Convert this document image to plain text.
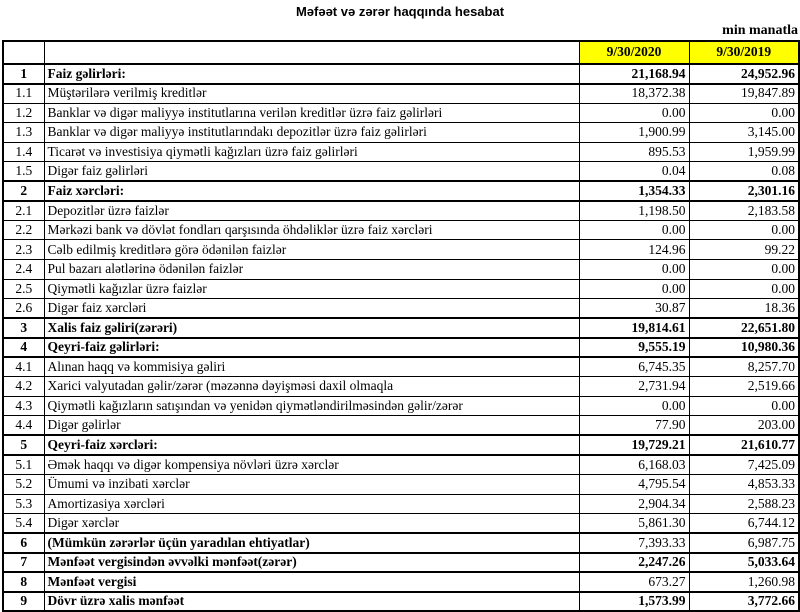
Məfəət və zərər haqqında hesabat
min manatla
		9/30/2020	9/30/2019
1	Faiz gəlirləri:	21,168.94	24,952.96
1.1	Müştərilərə verilmiş kreditlər	18,372.38	19,847.89
1.2	Banklar və digər maliyyə institutlarına verilən kreditlər üzrə faiz gəlirləri	0.00	0.00
1.3	Banklar və digər maliyyə institutlarındakı depozitlər üzrə faiz gəlirləri	1,900.99	3,145.00
1.4	Ticarət və investisiya qiymətli kağızları üzrə faiz gəlirləri	895.53	1,959.99
1.5	Digər faiz gəlirləri	0.04	0.08
2	Faiz xərcləri:	1,354.33	2,301.16
2.1	Depozitlər üzrə faizlər	1,198.50	2,183.58
2.2	Mərkəzi bank və dövlət fondları qarşısında öhdəliklər üzrə faiz xərcləri	0.00	0.00
2.3	Cəlb edilmiş kreditlərə görə ödənilən faizlər	124.96	99.22
2.4	Pul bazarı alətlərinə ödənilən faizlər	0.00	0.00
2.5	Qiymətli kağızlar üzrə faizlər	0.00	0.00
2.6	Digər faiz xərcləri	30.87	18.36
3	Xalis faiz gəliri(zərəri)	19,814.61	22,651.80
4	Qeyri-faiz gəlirləri:	9,555.19	10,980.36
4.1	Alınan haqq və kommisiya gəliri	6,745.35	8,257.70
4.2	Xarici valyutadan gəlir/zərər (məzənnə dəyişməsi daxil olmaqla	2,731.94	2,519.66
4.3	Qiymətli kağızların satışından və yenidən qiymətləndirilməsindən gəlir/zərər	0.00	0.00
4.4	Digər gəlirlər	77.90	203.00
5	Qeyri-faiz xərcləri:	19,729.21	21,610.77
5.1	Əmək haqqı və digər kompensiya növləri üzrə xərclər	6,168.03	7,425.09
5.2	Ümumi və inzibati xərclər	4,795.54	4,853.33
5.3	Amortizasiya xərcləri	2,904.34	2,588.23
5.4	Digər xərclər	5,861.30	6,744.12
6	(Mümkün zərərlər üçün yaradılan ehtiyatlar)	7,393.33	6,987.75
7	Mənfəət vergisindən əvvəlki mənfəət(zərər)	2,247.26	5,033.64
8	Mənfəət vergisi	673.27	1,260.98
9	Dövr üzrə xalis mənfəət	1,573.99	3,772.66
